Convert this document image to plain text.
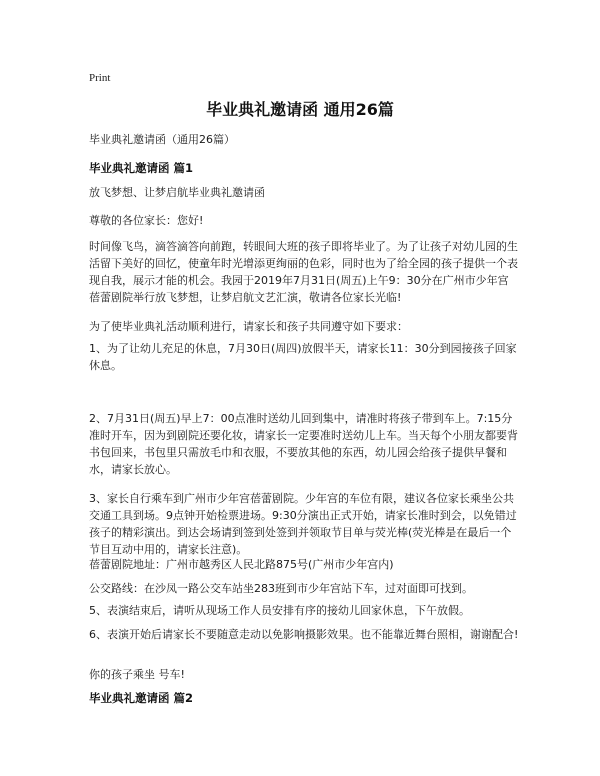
Print
毕业典礼邀请函 通用26篇
毕业典礼邀请函（通用26篇）
毕业典礼邀请函 篇1
放飞梦想、让梦启航毕业典礼邀请函
尊敬的各位家长：您好!
时间像飞鸟，滴答滴答向前跑，转眼间大班的孩子即将毕业了。为了让孩子对幼儿园的生活留下美好的回忆，使童年时光增添更绚丽的色彩，同时也为了给全园的孩子提供一个表现自我，展示才能的机会。我园于2019年7月31日(周五)上午9：30分在广州市少年宫蓓蕾剧院举行放飞梦想，让梦启航文艺汇演，敬请各位家长光临!
为了使毕业典礼活动顺利进行，请家长和孩子共同遵守如下要求：
1、为了让幼儿充足的休息，7月30日(周四)放假半天，请家长11：30分到园接孩子回家休息。
2、7月31日(周五)早上7：00点准时送幼儿回到集中，请准时将孩子带到车上。7:15分准时开车，因为到剧院还要化妆，请家长一定要准时送幼儿上车。当天每个小朋友都要背书包回来，书包里只需放毛巾和衣服，不要放其他的东西，幼儿园会给孩子提供早餐和水，请家长放心。
3、家长自行乘车到广州市少年宫蓓蕾剧院。少年宫的车位有限，建议各位家长乘坐公共交通工具到场。9点钟开始检票进场。9:30分演出正式开始，请家长准时到会，以免错过孩子的精彩演出。到达会场请到签到处签到并领取节目单与荧光棒(荧光棒是在最后一个节目互动中用的，请家长注意)。
蓓蕾剧院地址：广州市越秀区人民北路875号(广州市少年宫内)
公交路线：在沙凤一路公交车站坐283班到市少年宫站下车，过对面即可找到。
5、表演结束后，请听从现场工作人员安排有序的接幼儿回家休息，下午放假。
6、表演开始后请家长不要随意走动以免影响摄影效果。也不能靠近舞台照相，谢谢配合!
你的孩子乘坐 号车!
毕业典礼邀请函 篇2
